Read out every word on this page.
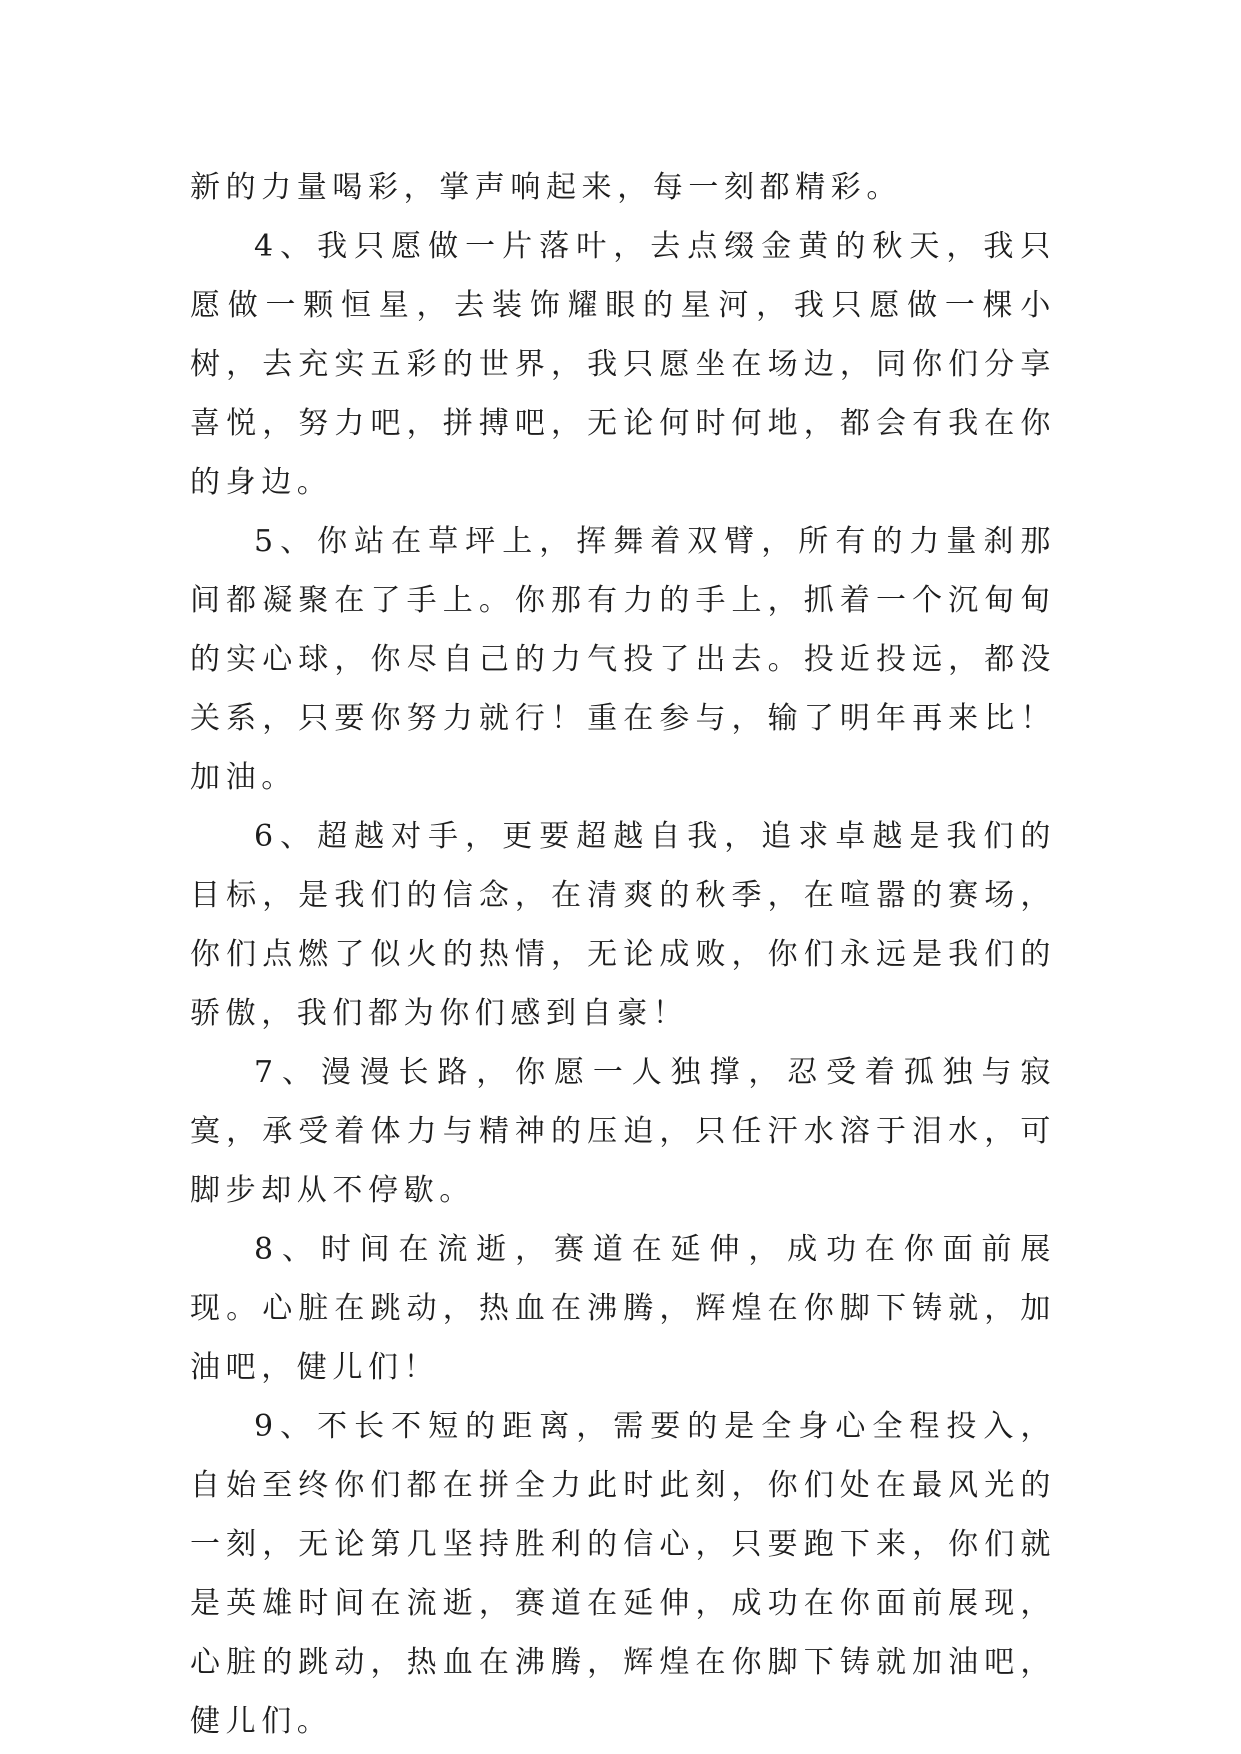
新的力量喝彩，掌声响起来，每一刻都精彩。

4、我只愿做一片落叶，去点缀金黄的秋天，我只愿做一颗恒星，去装饰耀眼的星河，我只愿做一棵小树，去充实五彩的世界，我只愿坐在场边，同你们分享喜悦，努力吧，拼搏吧，无论何时何地，都会有我在你的身边。

5、你站在草坪上，挥舞着双臂，所有的力量刹那间都凝聚在了手上。你那有力的手上，抓着一个沉甸甸的实心球，你尽自己的力气投了出去。投近投远，都没关系，只要你努力就行！重在参与，输了明年再来比！加油。

6、超越对手，更要超越自我，追求卓越是我们的目标，是我们的信念，在清爽的秋季，在喧嚣的赛场，你们点燃了似火的热情，无论成败，你们永远是我们的骄傲，我们都为你们感到自豪！

7、漫漫长路，你愿一人独撑，忍受着孤独与寂寞，承受着体力与精神的压迫，只任汗水溶于泪水，可脚步却从不停歇。

8、时间在流逝，赛道在延伸，成功在你面前展现。心脏在跳动，热血在沸腾，辉煌在你脚下铸就，加油吧，健儿们！

9、不长不短的距离，需要的是全身心全程投入，自始至终你们都在拼全力此时此刻，你们处在最风光的一刻，无论第几坚持胜利的信心，只要跑下来，你们就是英雄时间在流逝，赛道在延伸，成功在你面前展现，心脏的跳动，热血在沸腾，辉煌在你脚下铸就加油吧，健儿们。
